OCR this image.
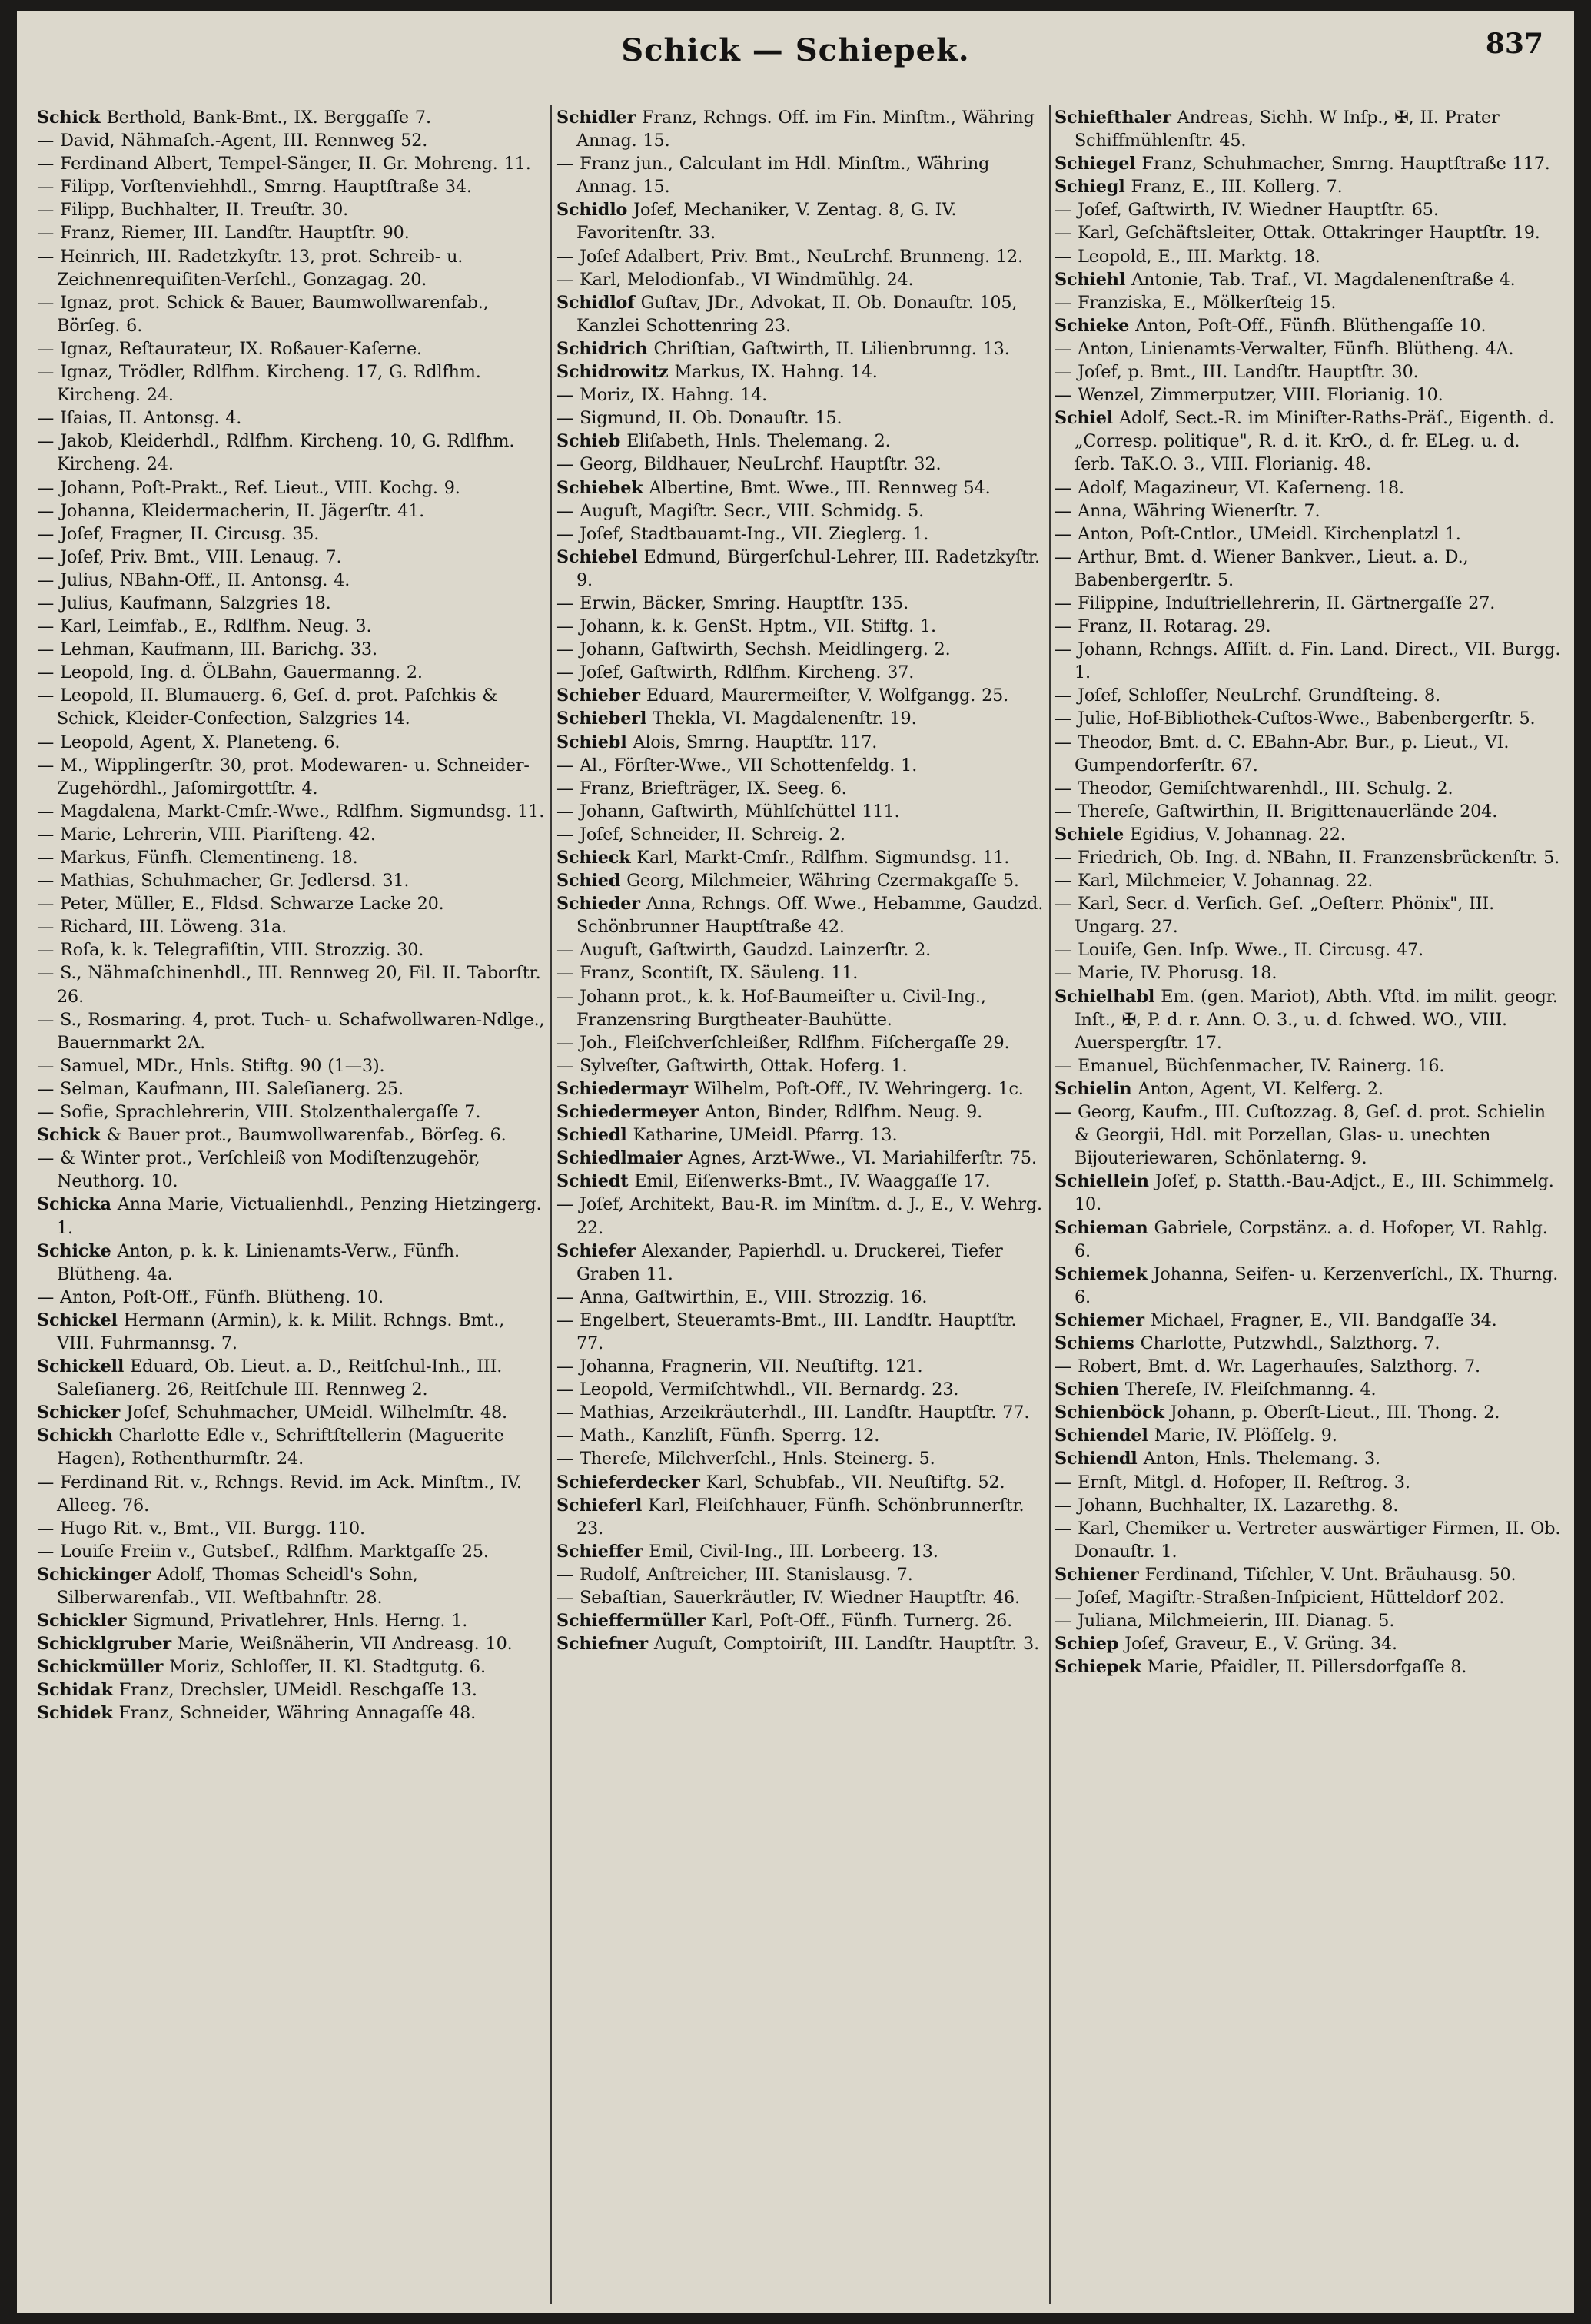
Schick — Schiepek.	837

Schick Berthold, Bank-Bmt., IX. Berggaſſe 7.

— David, Nähmaſch.-Agent, III. Rennweg 52.

— Ferdinand Albert, Tempel-Sänger, II. Gr. Mohreng. 11.

— Filipp, Vorſtenviehhdl., Smrng. Hauptſtraße 34.

— Filipp, Buchhalter, II. Treuſtr. 30.

— Franz, Riemer, III. Landſtr. Hauptſtr. 90.

— Heinrich, III. Radetzkyſtr. 13, prot. Schreib- u. Zeichnenrequiſiten-Verſchl., Gonzagag. 20.

— Ignaz, prot. Schick & Bauer, Baumwollwarenfab., Börſeg. 6.

— Ignaz, Reſtaurateur, IX. Roßauer-Kaſerne.

— Ignaz, Trödler, Rdlfhm. Kircheng. 17, G. Rdlfhm. Kircheng. 24.

— Iſaias, II. Antonsg. 4.

— Jakob, Kleiderhdl., Rdlfhm. Kircheng. 10, G. Rdlfhm. Kircheng. 24.

— Johann, Poſt-Prakt., Ref. Lieut., VIII. Kochg. 9.

— Johanna, Kleidermacherin, II. Jägerſtr. 41.

— Joſef, Fragner, II. Circusg. 35.

— Joſef, Priv. Bmt., VIII. Lenaug. 7.

— Julius, NBahn-Off., II. Antonsg. 4.

— Julius, Kaufmann, Salzgries 18.

— Karl, Leimfab., E., Rdlfhm. Neug. 3.

— Lehman, Kaufmann, III. Barichg. 33.

— Leopold, Ing. d. ÖLBahn, Gauermanng. 2.

— Leopold, II. Blumauerg. 6, Geſ. d. prot. Paſchkis & Schick, Kleider-Confection, Salzgries 14.

— Leopold, Agent, X. Planeteng. 6.

— M., Wipplingerſtr. 30, prot. Modewaren- u. Schneider-Zugehördhl., Jaſomirgottſtr. 4.

— Magdalena, Markt-Cmſr.-Wwe., Rdlfhm. Sigmundsg. 11.

— Marie, Lehrerin, VIII. Piariſteng. 42.

— Markus, Fünfh. Clementineng. 18.

— Mathias, Schuhmacher, Gr. Jedlersd. 31.

— Peter, Müller, E., Fldsd. Schwarze Lacke 20.

— Richard, III. Löweng. 31a.

— Roſa, k. k. Telegrafiſtin, VIII. Strozzig. 30.

— S., Nähmaſchinenhdl., III. Rennweg 20, Fil. II. Taborſtr. 26.

— S., Rosmaring. 4, prot. Tuch- u. Schafwollwaren-Ndlge., Bauernmarkt 2A.

— Samuel, MDr., Hnls. Stiftg. 90 (1—3).

— Selman, Kaufmann, III. Saleſianerg. 25.

— Sofie, Sprachlehrerin, VIII. Stolzenthalergaſſe 7.

Schick & Bauer prot., Baumwollwarenfab., Börſeg. 6.

— & Winter prot., Verſchleiß von Modiſtenzugehör, Neuthorg. 10.

Schicka Anna Marie, Victualienhdl., Penzing Hietzingerg. 1.

Schicke Anton, p. k. k. Linienamts-Verw., Fünfh. Blütheng. 4a.

— Anton, Poſt-Off., Fünfh. Blütheng. 10.

Schickel Hermann (Armin), k. k. Milit. Rchngs. Bmt., VIII. Fuhrmannsg. 7.

Schickell Eduard, Ob. Lieut. a. D., Reitſchul-Inh., III. Saleſianerg. 26, Reitſchule III. Rennweg 2.

Schicker Joſef, Schuhmacher, UMeidl. Wilhelmſtr. 48.

Schickh Charlotte Edle v., Schriftſtellerin (Maguerite Hagen), Rothenthurmſtr. 24.

— Ferdinand Rit. v., Rchngs. Revid. im Ack. Minſtm., IV. Alleeg. 76.

— Hugo Rit. v., Bmt., VII. Burgg. 110.

— Louiſe Freiin v., Gutsbeſ., Rdlfhm. Marktgaſſe 25.

Schickinger Adolf, Thomas Scheidl's Sohn, Silberwarenfab., VII. Weſtbahnſtr. 28.

Schickler Sigmund, Privatlehrer, Hnls. Herng. 1.

Schicklgruber Marie, Weißnäherin, VII Andreasg. 10.

Schickmüller Moriz, Schloſſer, II. Kl. Stadtgutg. 6.

Schidak Franz, Drechsler, UMeidl. Reschgaſſe 13.

Schidek Franz, Schneider, Währing Annagaſſe 48.

Schidler Franz, Rchngs. Off. im Fin. Minſtm., Währing Annag. 15.

— Franz jun., Calculant im Hdl. Minſtm., Währing Annag. 15.

Schidlo Joſef, Mechaniker, V. Zentag. 8, G. IV. Favoritenſtr. 33.

— Joſef Adalbert, Priv. Bmt., NeuLrchf. Brunneng. 12.

— Karl, Melodionfab., VI Windmühlg. 24.

Schidlof Guſtav, JDr., Advokat, II. Ob. Donauſtr. 105, Kanzlei Schottenring 23.

Schidrich Chriſtian, Gaſtwirth, II. Lilienbrunng. 13.

Schidrowitz Markus, IX. Hahng. 14.

— Moriz, IX. Hahng. 14.

— Sigmund, II. Ob. Donauſtr. 15.

Schieb Eliſabeth, Hnls. Thelemang. 2.

— Georg, Bildhauer, NeuLrchf. Hauptſtr. 32.

Schiebek Albertine, Bmt. Wwe., III. Rennweg 54.

— Auguſt, Magiſtr. Secr., VIII. Schmidg. 5.

— Joſef, Stadtbauamt-Ing., VII. Zieglerg. 1.

Schiebel Edmund, Bürgerſchul-Lehrer, III. Radetzkyſtr. 9.

— Erwin, Bäcker, Smring. Hauptſtr. 135.

— Johann, k. k. GenSt. Hptm., VII. Stiftg. 1.

— Johann, Gaſtwirth, Sechsh. Meidlingerg. 2.

— Joſef, Gaſtwirth, Rdlfhm. Kircheng. 37.

Schieber Eduard, Maurermeiſter, V. Wolfgangg. 25.

Schieberl Thekla, VI. Magdalenenſtr. 19.

Schiebl Alois, Smrng. Hauptſtr. 117.

— Al., Förſter-Wwe., VII Schottenfeldg. 1.

— Franz, Briefträger, IX. Seeg. 6.

— Johann, Gaſtwirth, Mühlſchüttel 111.

— Joſef, Schneider, II. Schreig. 2.

Schieck Karl, Markt-Cmſr., Rdlfhm. Sigmundsg. 11.

Schied Georg, Milchmeier, Währing Czermakgaſſe 5.

Schieder Anna, Rchngs. Off. Wwe., Hebamme, Gaudzd. Schönbrunner Hauptſtraße 42.

— Auguſt, Gaſtwirth, Gaudzd. Lainzerſtr. 2.

— Franz, Scontiſt, IX. Säuleng. 11.

— Johann prot., k. k. Hof-Baumeiſter u. Civil-Ing., Franzensring Burgtheater-Bauhütte.

— Joh., Fleiſchverſchleißer, Rdlfhm. Fiſchergaſſe 29.

— Sylveſter, Gaſtwirth, Ottak. Hoferg. 1.

Schiedermayr Wilhelm, Poſt-Off., IV. Wehringerg. 1c.

Schiedermeyer Anton, Binder, Rdlfhm. Neug. 9.

Schiedl Katharine, UMeidl. Pfarrg. 13.

Schiedlmaier Agnes, Arzt-Wwe., VI. Mariahilferſtr. 75.

Schiedt Emil, Eiſenwerks-Bmt., IV. Waaggaſſe 17.

— Joſef, Architekt, Bau-R. im Minſtm. d. J., E., V. Wehrg. 22.

Schiefer Alexander, Papierhdl. u. Druckerei, Tiefer Graben 11.

— Anna, Gaſtwirthin, E., VIII. Strozzig. 16.

— Engelbert, Steueramts-Bmt., III. Landſtr. Hauptſtr. 77.

— Johanna, Fragnerin, VII. Neuſtiftg. 121.

— Leopold, Vermiſchtwhdl., VII. Bernardg. 23.

— Mathias, Arzeikräuterhdl., III. Landſtr. Hauptſtr. 77.

— Math., Kanzliſt, Fünfh. Sperrg. 12.

— Thereſe, Milchverſchl., Hnls. Steinerg. 5.

Schieferdecker Karl, Schubfab., VII. Neuſtiftg. 52.

Schieferl Karl, Fleiſchhauer, Fünfh. Schönbrunnerſtr. 23.

Schieffer Emil, Civil-Ing., III. Lorbeerg. 13.

— Rudolf, Anſtreicher, III. Stanislausg. 7.

— Sebaſtian, Sauerkräutler, IV. Wiedner Hauptſtr. 46.

Schieffermüller Karl, Poſt-Off., Fünfh. Turnerg. 26.

Schiefner Auguſt, Comptoiriſt, III. Landſtr. Hauptſtr. 3.

Schiefthaler Andreas, Sichh. W Inſp., ✠, II. Prater Schiffmühlenſtr. 45.

Schiegel Franz, Schuhmacher, Smrng. Hauptſtraße 117.

Schiegl Franz, E., III. Kollerg. 7.

— Joſef, Gaſtwirth, IV. Wiedner Hauptſtr. 65.

— Karl, Geſchäftsleiter, Ottak. Ottakringer Hauptſtr. 19.

— Leopold, E., III. Marktg. 18.

Schiehl Antonie, Tab. Traf., VI. Magdalenenſtraße 4.

— Franziska, E., Mölkerſteig 15.

Schieke Anton, Poſt-Off., Fünfh. Blüthengaſſe 10.

— Anton, Linienamts-Verwalter, Fünfh. Blütheng. 4A.

— Joſef, p. Bmt., III. Landſtr. Hauptſtr. 30.

— Wenzel, Zimmerputzer, VIII. Florianig. 10.

Schiel Adolf, Sect.-R. im Miniſter-Raths-Präſ., Eigenth. d. „Corresp. politique", R. d. it. KrO., d. fr. ELeg. u. d. ſerb. TaK.O. 3., VIII. Florianig. 48.

— Adolf, Magazineur, VI. Kaſerneng. 18.

— Anna, Währing Wienerſtr. 7.

— Anton, Poſt-Cntlor., UMeidl. Kirchenplatzl 1.

— Arthur, Bmt. d. Wiener Bankver., Lieut. a. D., Babenbergerſtr. 5.

— Filippine, Induſtriellehrerin, II. Gärtnergaſſe 27.

— Franz, II. Rotarag. 29.

— Johann, Rchngs. Aſſiſt. d. Fin. Land. Direct., VII. Burgg. 1.

— Joſef, Schloſſer, NeuLrchf. Grundſteing. 8.

— Julie, Hof-Bibliothek-Cuſtos-Wwe., Babenbergerſtr. 5.

— Theodor, Bmt. d. C. EBahn-Abr. Bur., p. Lieut., VI. Gumpendorferſtr. 67.

— Theodor, Gemiſchtwarenhdl., III. Schulg. 2.

— Thereſe, Gaſtwirthin, II. Brigittenauerlände 204.

Schiele Egidius, V. Johannag. 22.

— Friedrich, Ob. Ing. d. NBahn, II. Franzensbrückenſtr. 5.

— Karl, Milchmeier, V. Johannag. 22.

— Karl, Secr. d. Verſich. Geſ. „Oeſterr. Phönix", III. Ungarg. 27.

— Louiſe, Gen. Inſp. Wwe., II. Circusg. 47.

— Marie, IV. Phorusg. 18.

Schielhabl Em. (gen. Mariot), Abth. Vſtd. im milit. geogr. Inſt., ✠, P. d. r. Ann. O. 3., u. d. ſchwed. WO., VIII. Auerspergſtr. 17.

— Emanuel, Büchſenmacher, IV. Rainerg. 16.

Schielin Anton, Agent, VI. Kelferg. 2.

— Georg, Kaufm., III. Cuſtozzag. 8, Geſ. d. prot. Schielin & Georgii, Hdl. mit Porzellan, Glas- u. unechten Bijouteriewaren, Schönlaterng. 9.

Schiellein Joſef, p. Statth.-Bau-Adjct., E., III. Schimmelg. 10.

Schieman Gabriele, Corpstänz. a. d. Hofoper, VI. Rahlg. 6.

Schiemek Johanna, Seifen- u. Kerzenverſchl., IX. Thurng. 6.

Schiemer Michael, Fragner, E., VII. Bandgaſſe 34.

Schiems Charlotte, Putzwhdl., Salzthorg. 7.

— Robert, Bmt. d. Wr. Lagerhauſes, Salzthorg. 7.

Schien Thereſe, IV. Fleiſchmanng. 4.

Schienböck Johann, p. Oberſt-Lieut., III. Thong. 2.

Schiendel Marie, IV. Plöſſelg. 9.

Schiendl Anton, Hnls. Thelemang. 3.

— Ernſt, Mitgl. d. Hofoper, II. Reſtrog. 3.

— Johann, Buchhalter, IX. Lazarethg. 8.

— Karl, Chemiker u. Vertreter auswärtiger Firmen, II. Ob. Donauſtr. 1.

Schiener Ferdinand, Tiſchler, V. Unt. Bräuhausg. 50.

— Joſef, Magiſtr.-Straßen-Inſpicient, Hütteldorf 202.

— Juliana, Milchmeierin, III. Dianag. 5.

Schiep Joſef, Graveur, E., V. Grüng. 34.

Schiepek Marie, Pfaidler, II. Pillersdorfgaſſe 8.
